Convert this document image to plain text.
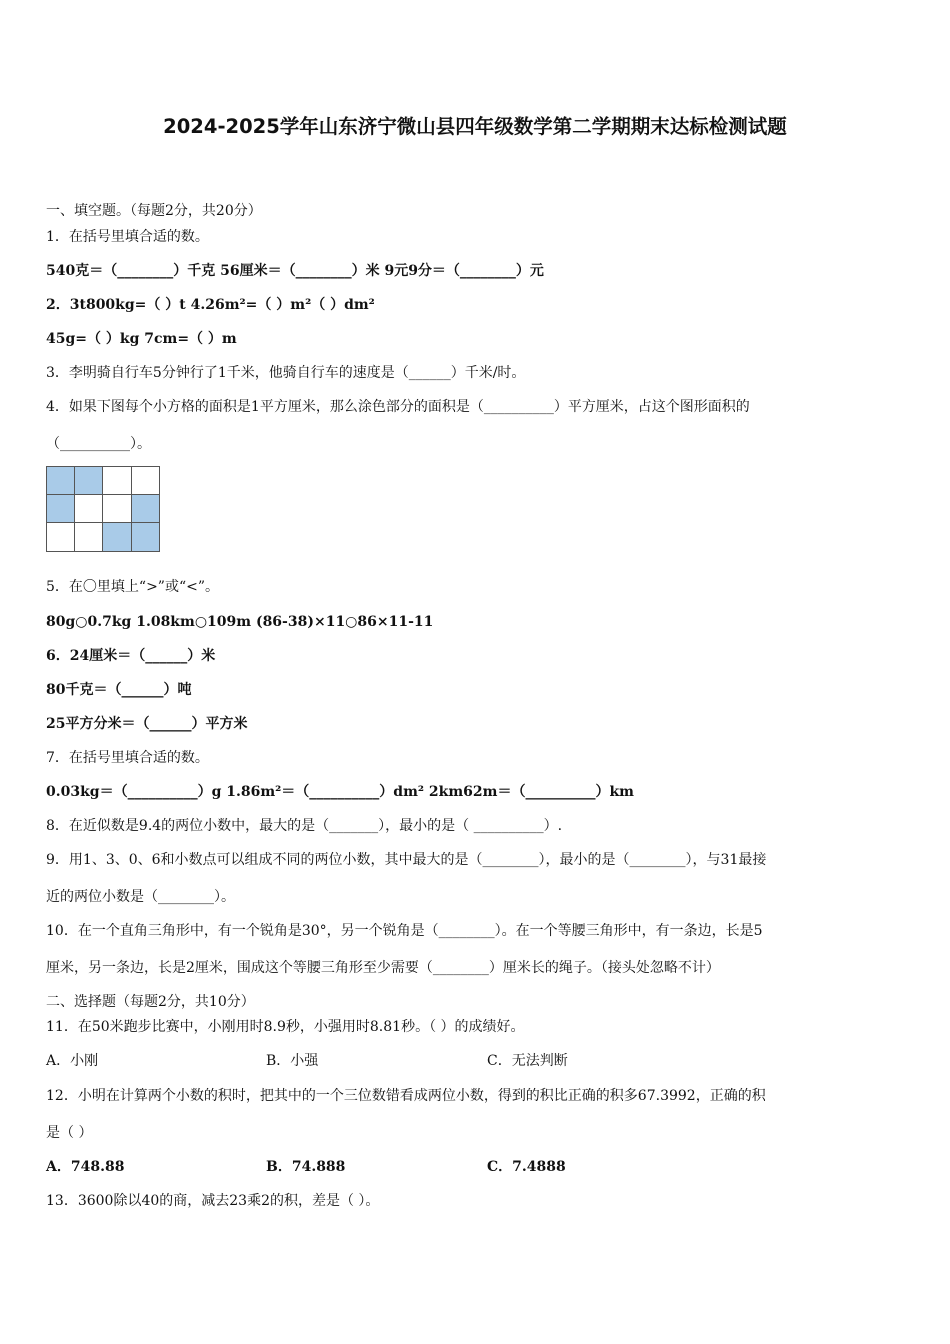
2024-2025学年山东济宁微山县四年级数学第二学期期末达标检测试题
一、填空题。（每题2分，共20分）
1．在括号里填合适的数。
540克＝（________）千克 56厘米＝（________）米 9元9分＝（________）元
2．3t800kg=（ ）t 4.26m²=（ ）m²（ ）dm²
45g=（ ）kg 7cm=（ ）m
3．李明骑自行车5分钟行了1千米，他骑自行车的速度是（______）千米/时。
4．如果下图每个小方格的面积是1平方厘米，那么涂色部分的面积是（__________）平方厘米，占这个图形面积的
（__________）。
5．在〇里填上“>”或“<”。
80g○0.7kg 1.08km○109m (86-38)×11○86×11-11
6．24厘米＝（______）米
80千克＝（______）吨
25平方分米＝（______）平方米
7．在括号里填合适的数。
0.03kg＝（__________）g 1.86m²＝（__________）dm² 2km62m＝（__________）km
8．在近似数是9.4的两位小数中，最大的是（_______），最小的是（ __________）.
9．用1、3、0、6和小数点可以组成不同的两位小数，其中最大的是（________），最小的是（________），与31最接
近的两位小数是（________）。
10．在一个直角三角形中，有一个锐角是30°，另一个锐角是（________）。在一个等腰三角形中，有一条边，长是5
厘米，另一条边，长是2厘米，围成这个等腰三角形至少需要（________）厘米长的绳子。（接头处忽略不计）
二、选择题（每题2分，共10分）
11．在50米跑步比赛中，小刚用时8.9秒，小强用时8.81秒。（ ）的成绩好。
A．小刚	B．小强	C．无法判断
12．小明在计算两个小数的积时，把其中的一个三位数错看成两位小数，得到的积比正确的积多67.3992，正确的积
是（ ）
A．748.88	B．74.888	C．7.4888
13．3600除以40的商，减去23乘2的积，差是（ ）。
